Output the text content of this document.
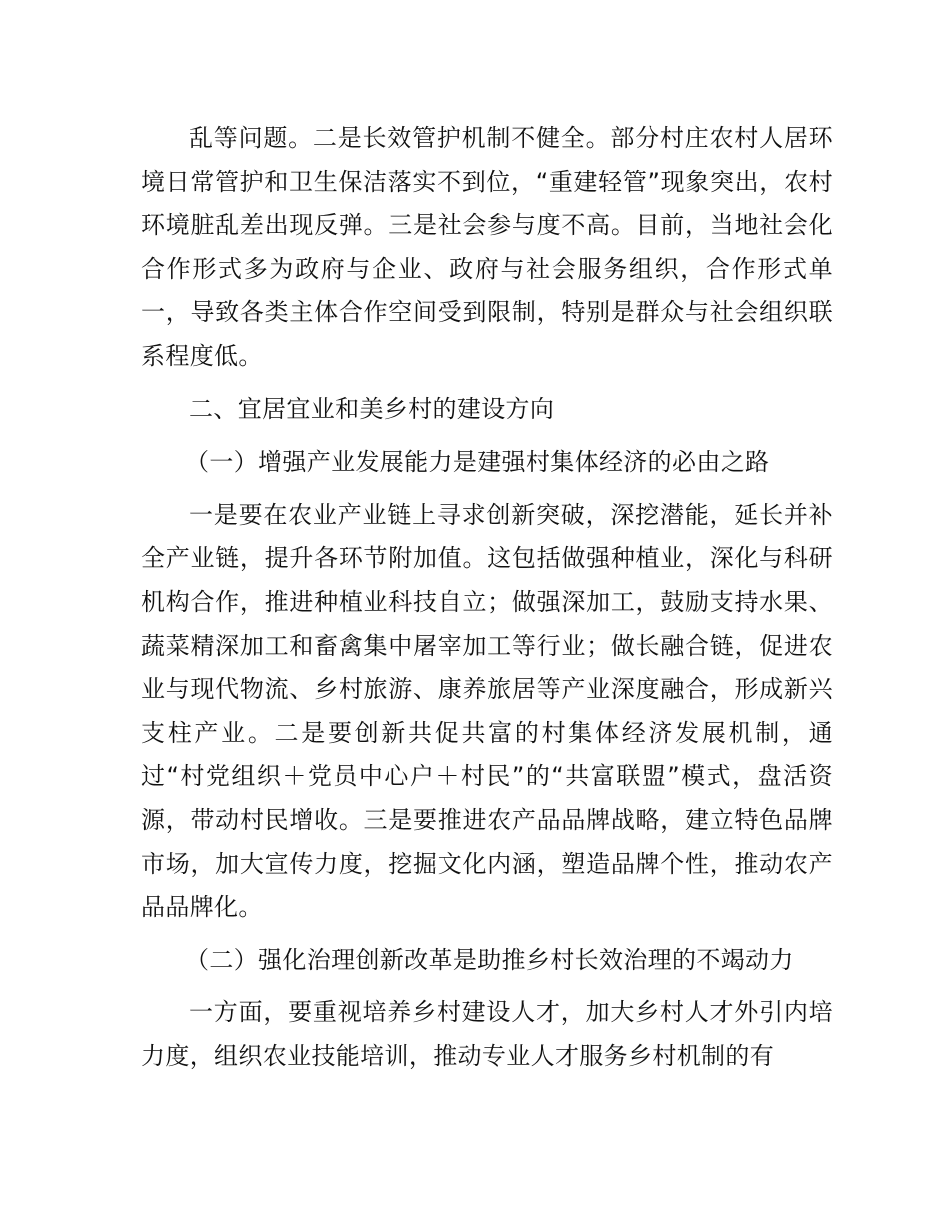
乱等问题。二是长效管护机制不健全。部分村庄农村人居环境日常管护和卫生保洁落实不到位，“重建轻管”现象突出，农村环境脏乱差出现反弹。三是社会参与度不高。目前，当地社会化合作形式多为政府与企业、政府与社会服务组织，合作形式单一，导致各类主体合作空间受到限制，特别是群众与社会组织联系程度低。

二、宜居宜业和美乡村的建设方向

（一）增强产业发展能力是建强村集体经济的必由之路

一是要在农业产业链上寻求创新突破，深挖潜能，延长并补全产业链，提升各环节附加值。这包括做强种植业，深化与科研机构合作，推进种植业科技自立；做强深加工，鼓励支持水果、蔬菜精深加工和畜禽集中屠宰加工等行业；做长融合链，促进农业与现代物流、乡村旅游、康养旅居等产业深度融合，形成新兴支柱产业。二是要创新共促共富的村集体经济发展机制，通过“村党组织＋党员中心户＋村民”的“共富联盟”模式，盘活资源，带动村民增收。三是要推进农产品品牌战略，建立特色品牌市场，加大宣传力度，挖掘文化内涵，塑造品牌个性，推动农产品品牌化。

（二）强化治理创新改革是助推乡村长效治理的不竭动力

一方面，要重视培养乡村建设人才，加大乡村人才外引内培力度，组织农业技能培训，推动专业人才服务乡村机制的有
